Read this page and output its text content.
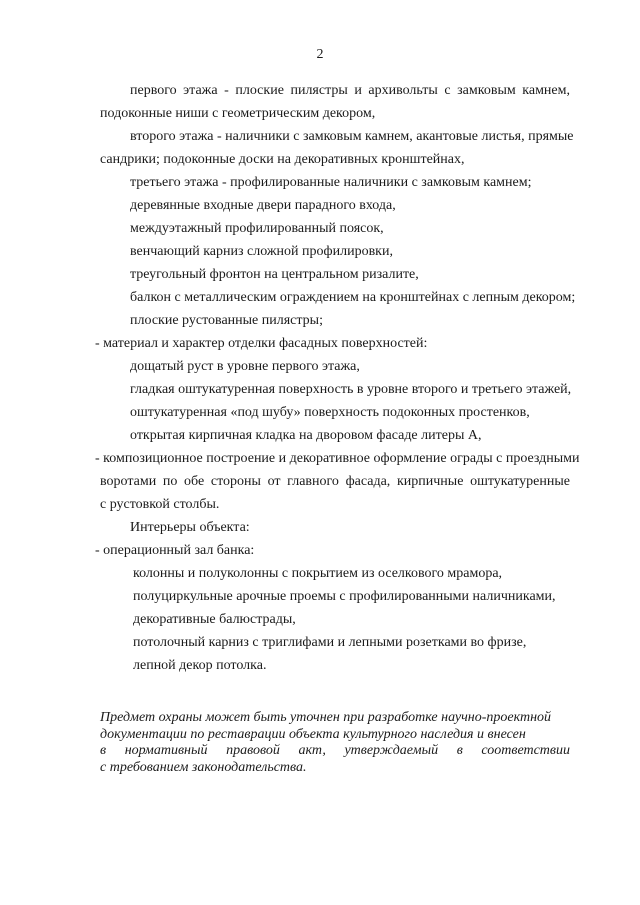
2
первого этажа - плоские пилястры и архивольты с замковым камнем,
подоконные ниши с геометрическим декором,
второго этажа - наличники с замковым камнем, акантовые листья, прямые
сандрики; подоконные доски на декоративных кронштейнах,
третьего этажа - профилированные наличники с замковым камнем;
деревянные входные двери парадного входа,
междуэтажный профилированный поясок,
венчающий карниз сложной профилировки,
треугольный фронтон на центральном ризалите,
балкон с металлическим ограждением на кронштейнах с лепным декором;
плоские рустованные пилястры;
- материал и характер отделки фасадных поверхностей:
дощатый руст в уровне первого этажа,
гладкая оштукатуренная поверхность в уровне второго и третьего этажей,
оштукатуренная «под шубу» поверхность подоконных простенков,
открытая кирпичная кладка на дворовом фасаде литеры А,
- композиционное построение и декоративное оформление ограды с проездными
воротами по обе стороны от главного фасада, кирпичные оштукатуренные
с рустовкой столбы.
Интерьеры объекта:
- операционный зал банка:
колонны и полуколонны с покрытием из оселкового мрамора,
полуциркульные арочные проемы с профилированными наличниками,
декоративные балюстрады,
потолочный карниз с триглифами и лепными розетками во фризе,
лепной декор потолка.
Предмет охраны может быть уточнен при разработке научно-проектной
документации по реставрации объекта культурного наследия и внесен
в нормативный правовой акт, утверждаемый в соответствии
с требованием законодательства.
